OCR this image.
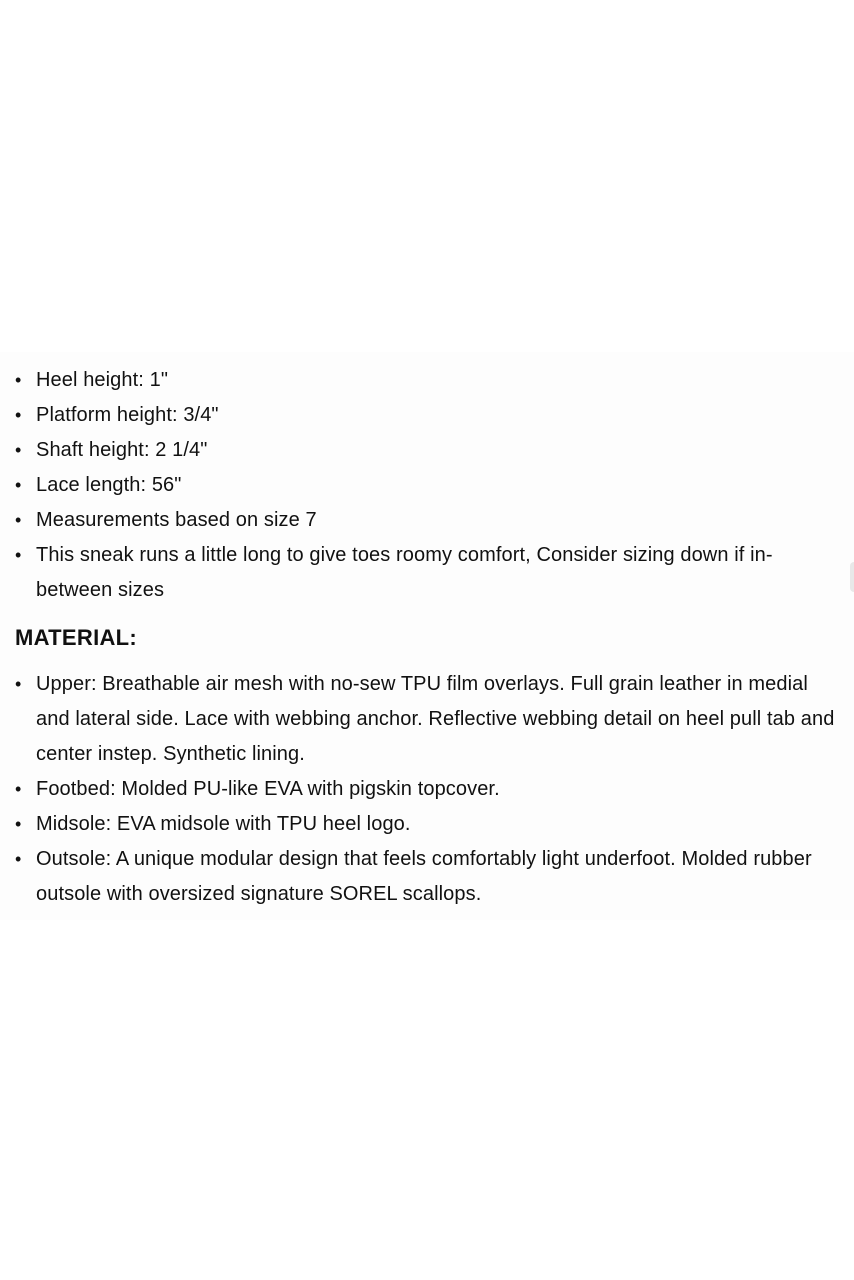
• Heel height: 1"
• Platform height: 3/4"
• Shaft height: 2 1/4"
• Lace length: 56"
• Measurements based on size 7
• This sneak runs a little long to give toes roomy comfort, Consider sizing down if in-between sizes
MATERIAL:
• Upper: Breathable air mesh with no-sew TPU film overlays. Full grain leather in medial and lateral side. Lace with webbing anchor. Reflective webbing detail on heel pull tab and center instep. Synthetic lining.
• Footbed: Molded PU-like EVA with pigskin topcover.
• Midsole: EVA midsole with TPU heel logo.
• Outsole: A unique modular design that feels comfortably light underfoot. Molded rubber outsole with oversized signature SOREL scallops.
